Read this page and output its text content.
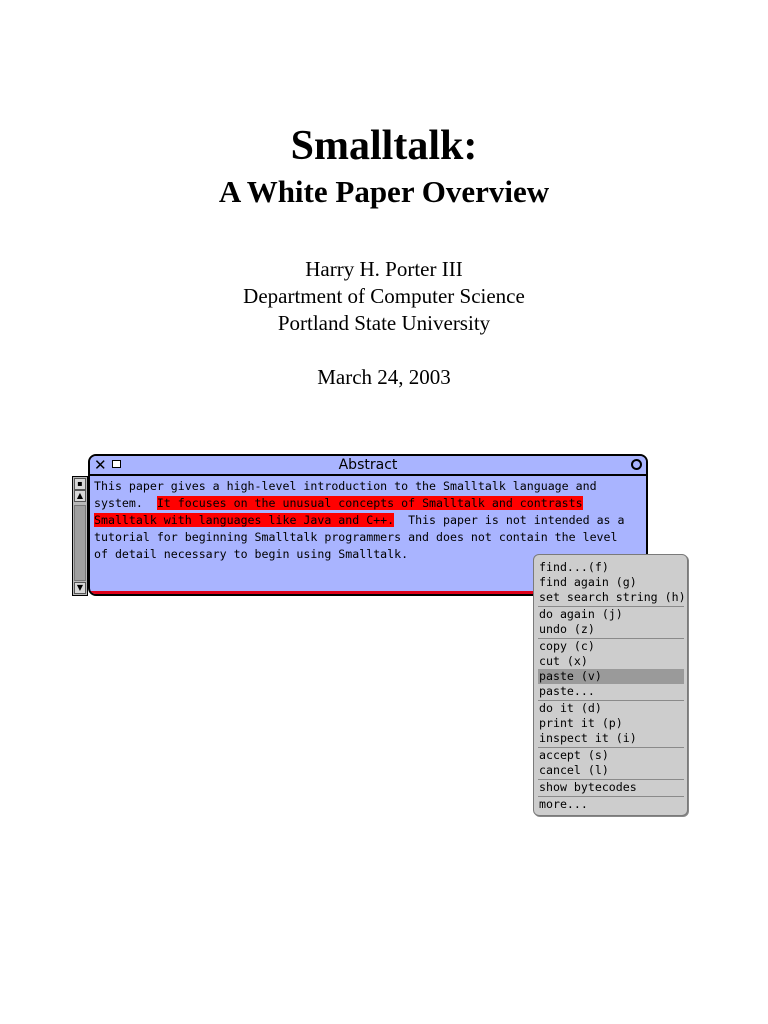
Smalltalk:
A White Paper Overview
Harry H. Porter III
Department of Computer Science
Portland State University
March 24, 2003
▪
▲
▼
✕	Abstract
This paper gives a high-level introduction to the Smalltalk language and
system.  It focuses on the unusual concepts of Smalltalk and contrasts
Smalltalk with languages like Java and C++.  This paper is not intended as a
tutorial for beginning Smalltalk programmers and does not contain the level
of detail necessary to begin using Smalltalk.
find...(f)
find again (g)
set search string (h)
do again (j)
undo (z)
copy (c)
cut (x)
paste (v)
paste...
do it (d)
print it (p)
inspect it (i)
accept (s)
cancel (l)
show bytecodes
more...
